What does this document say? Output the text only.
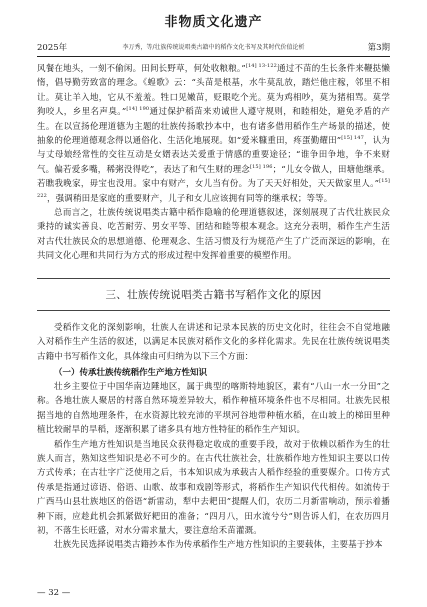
非物质文化遗产
2025年	李万秀，等/壮族传统说唱类古籍中的稻作文化书写及其时代价值论析	第3期

风餐在地头，一刻不偷闲。田间长野草，何处收粮粮。”$^{[14] 13-122}$通过不苗的生长条件来鞭挞懒惰，倡导勤劳致富的理念。《蝗歌》云：“头苗是根基，水牛莫乱放，踏烂他庄稼，邻里不相让。莫让羊入地，它从不羞羞。牲口见嫩苗，贬眼吃个光。莫为鸡相吵，莫为猪相骂。莫学狗咬人，乡里名声臭。”$^{[14] 190}$通过保护稻苗来劝诫世人遵守规则，和睦相处，避免矛盾的产生。在以宣扬伦理道德为主题的壮族传扬歌抄本中，也有诸多借用稻作生产场景的描述，使抽象的伦理道德观念得以通俗化、生活化地展现。如“爱米糠重田，疼蛋勤耀田”$^{[15] 147}$，认为与丈母娘经常性的交往互动是女婿表达关爱重于情感的重要途径；“谁争田争地，争不来财气。偏若爱多嘴，稀粥没得吃”，表达了和气生财的理念$^{[15] 196}$；“儿女令做人，田塘他继承。若瞧我晚家，毋宝也没用。家中有财产，女儿当有份。为了天天好相处，天天做家里人。”$^{[15] 222}$，强调稍田是家庭的重要财产，儿子和女儿应该拥有同等的继承权；等等。

总而言之，壮族传统说唱类古籍中稻作隐喻的伦理道德叙述，深刻展现了古代壮族民众秉持的诚实善良、吃苦耐劳、男女平等、团结和睦等根本观念。这充分表明，稻作生产生活对古代壮族民众的思想道德、伦理观念、生活习惯及行为规范产生了广泛而深远的影响，在共同文化心理和共同行为方式的形成过程中发挥着重要的模塑作用。

三、壮族传统说唱类古籍书写稻作文化的原因

受稻作文化的深刻影响，壮族人在讲述和记录本民族的历史文化时，往往会不自觉地融入对稻作生产生活的叙述，以满足本民族对稻作文化的多样化需求。先民在壮族传统说唱类古籍中书写稻作文化，具体缘由可归纳为以下三个方面：

（一）传承壮族传统稻作生产地方性知识

壮乡主要位于中国华南边陲地区，属于典型的喀斯特地貌区，素有“八山一水一分田”之称。各地壮族人聚居的村落自然环境差异较大，稻作种植环境条件也不尽相同。壮族先民根据当地的自然地理条件，在水资源比较充沛的平坝河谷地带种植水稻，在山坡上的梯田里种植比较耐旱的旱稻，逐渐积累了诸多具有地方性特征的稻作生产知识。

稻作生产地方性知识是当地民众获得稳定收成的重要手段，故对于依赖以稻作为生的壮族人而言，熟知这些知识是必不可少的。在古代壮族社会，壮族稻作地方性知识主要以口传方式传承；在古壮字广泛使用之后，书本知识成为承载古人稻作经验的重要媒介。口传方式传承是指通过谚语、俗语、山歌、故事和戏剧等形式，将稻作生产知识代代相传。如流传于广西马山县壮族地区的俗语“新雷动，犁中去耙田”提醒人们，农历二月新雷响动，预示着播种下雨，应趁此机会抓紧做好耙田的准备；“四月八，田水流兮兮”则告诉人们，在农历四月初，不落生长旺盛，对水分需求量大，要注意给禾苗灌溉。

壮族先民选择说唱类古籍抄本作为传承稻作生产地方性知识的主要载体，主要基于抄本

— 32 —
